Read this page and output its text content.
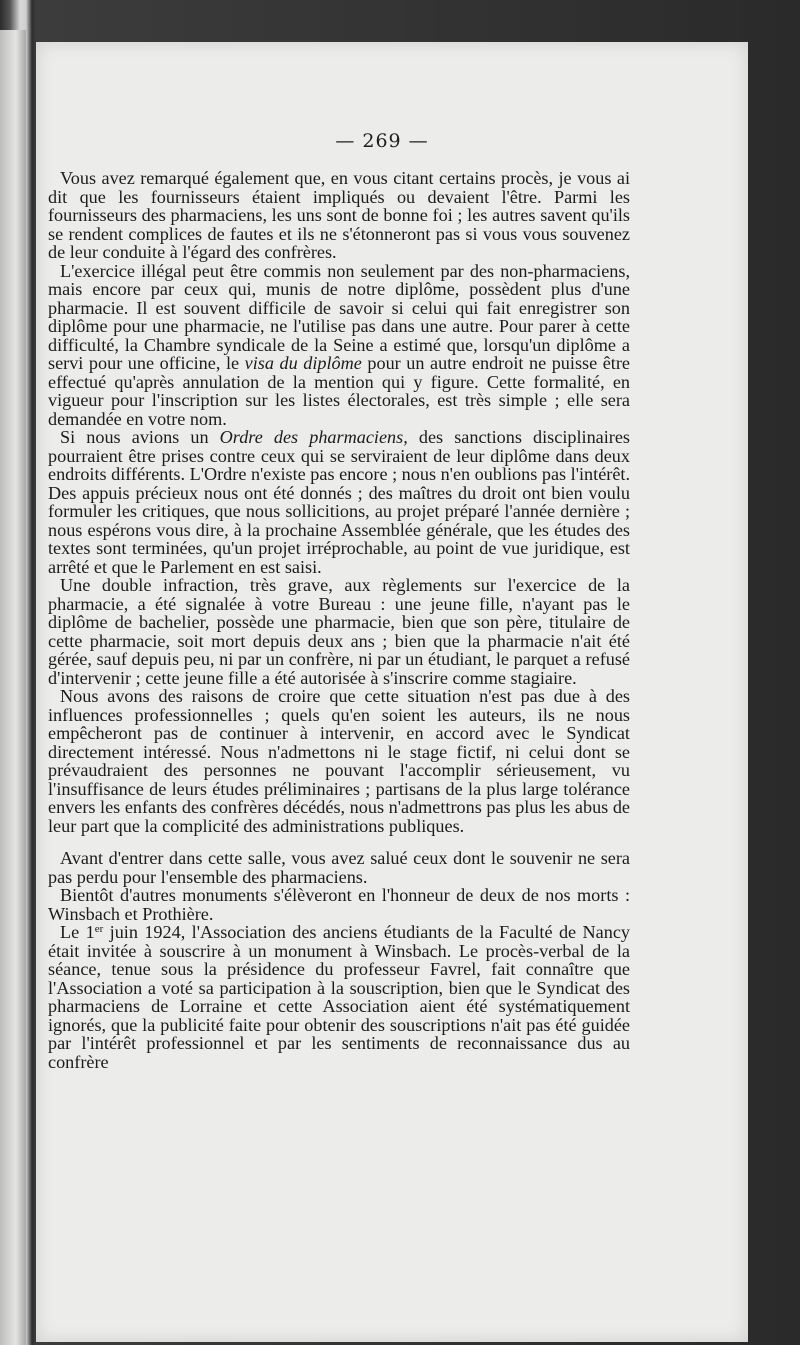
— 269 —

Vous avez remarqué également que, en vous citant certains procès, je vous ai dit que les fournisseurs étaient impliqués ou devaient l'être. Parmi les fournisseurs des pharmaciens, les uns sont de bonne foi ; les autres savent qu'ils se rendent complices de fautes et ils ne s'étonneront pas si vous vous souvenez de leur conduite à l'égard des confrères.

L'exercice illégal peut être commis non seulement par des non-pharmaciens, mais encore par ceux qui, munis de notre diplôme, possèdent plus d'une pharmacie. Il est souvent difficile de savoir si celui qui fait enregistrer son diplôme pour une pharmacie, ne l'utilise pas dans une autre. Pour parer à cette difficulté, la Chambre syndicale de la Seine a estimé que, lorsqu'un diplôme a servi pour une officine, le visa du diplôme pour un autre endroit ne puisse être effectué qu'après annulation de la mention qui y figure. Cette formalité, en vigueur pour l'inscription sur les listes électorales, est très simple ; elle sera demandée en votre nom.

Si nous avions un Ordre des pharmaciens, des sanctions disciplinaires pourraient être prises contre ceux qui se serviraient de leur diplôme dans deux endroits différents. L'Ordre n'existe pas encore ; nous n'en oublions pas l'intérêt. Des appuis précieux nous ont été donnés ; des maîtres du droit ont bien voulu formuler les critiques, que nous sollicitions, au projet préparé l'année dernière ; nous espérons vous dire, à la prochaine Assemblée générale, que les études des textes sont terminées, qu'un projet irréprochable, au point de vue juridique, est arrêté et que le Parlement en est saisi.

Une double infraction, très grave, aux règlements sur l'exercice de la pharmacie, a été signalée à votre Bureau : une jeune fille, n'ayant pas le diplôme de bachelier, possède une pharmacie, bien que son père, titulaire de cette pharmacie, soit mort depuis deux ans ; bien que la pharmacie n'ait été gérée, sauf depuis peu, ni par un confrère, ni par un étudiant, le parquet a refusé d'intervenir ; cette jeune fille a été autorisée à s'inscrire comme stagiaire.

Nous avons des raisons de croire que cette situation n'est pas due à des influences professionnelles ; quels qu'en soient les auteurs, ils ne nous empêcheront pas de continuer à intervenir, en accord avec le Syndicat directement intéressé. Nous n'admettons ni le stage fictif, ni celui dont se prévaudraient des personnes ne pouvant l'accomplir sérieusement, vu l'insuffisance de leurs études préliminaires ; partisans de la plus large tolérance envers les enfants des confrères décédés, nous n'admettrons pas plus les abus de leur part que la complicité des administrations publiques.

Avant d'entrer dans cette salle, vous avez salué ceux dont le souvenir ne sera pas perdu pour l'ensemble des pharmaciens.

Bientôt d'autres monuments s'élèveront en l'honneur de deux de nos morts : Winsbach et Prothière.

Le 1er juin 1924, l'Association des anciens étudiants de la Faculté de Nancy était invitée à souscrire à un monument à Winsbach. Le procès-verbal de la séance, tenue sous la présidence du professeur Favrel, fait connaître que l'Association a voté sa participation à la souscription, bien que le Syndicat des pharmaciens de Lorraine et cette Association aient été systématiquement ignorés, que la publicité faite pour obtenir des souscriptions n'ait pas été guidée par l'intérêt professionnel et par les sentiments de reconnaissance dus au confrère
